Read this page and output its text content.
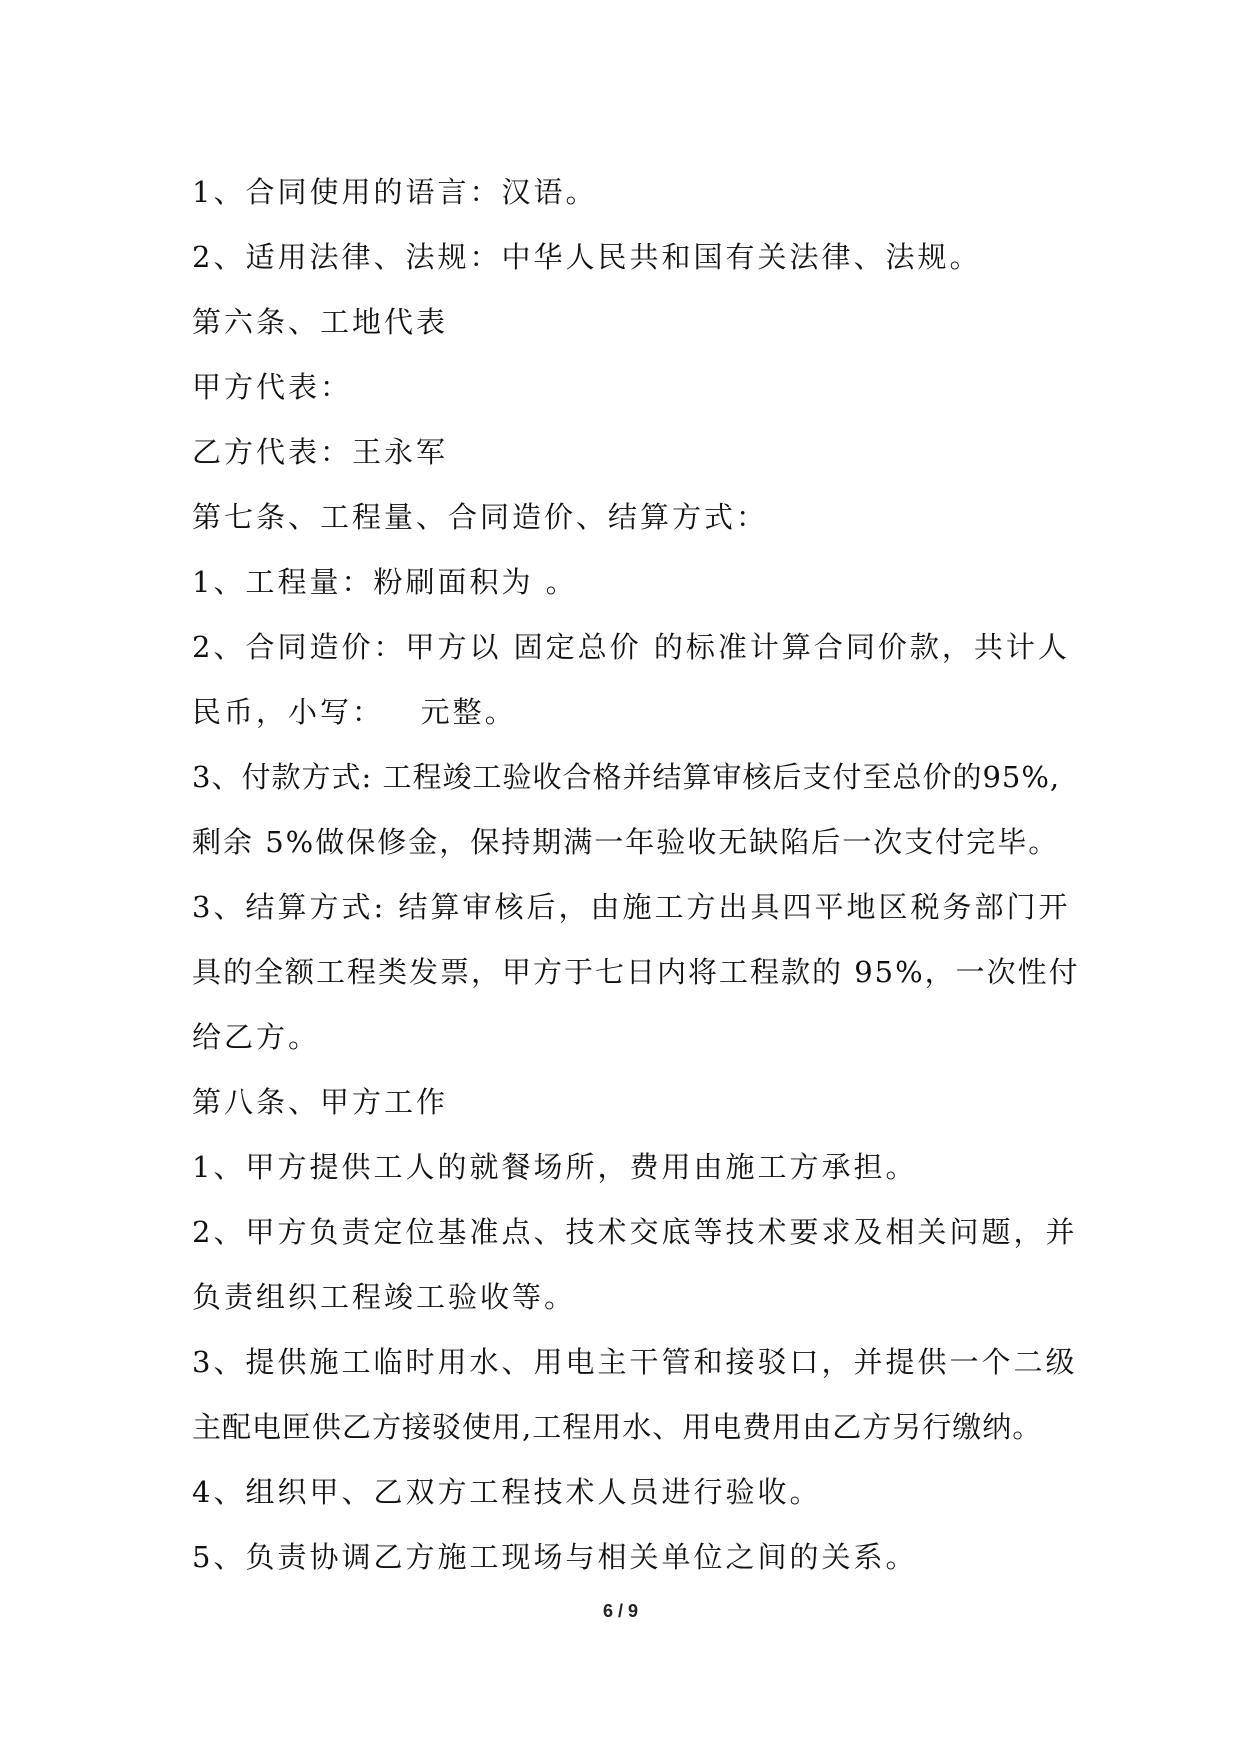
1、合同使用的语言：汉语。
2、适用法律、法规：中华人民共和国有关法律、法规。
第六条、工地代表
甲方代表：
乙方代表：王永军
第七条、工程量、合同造价、结算方式：
1、工程量：粉刷面积为 。
2、合同造价：甲方以 固定总价 的标准计算合同价款，共计人
民币，小写：   元整。
3、付款方式: 工程竣工验收合格并结算审核后支付至总价的95%,
剩余 5%做保修金，保持期满一年验收无缺陷后一次支付完毕。
3、结算方式: 结算审核后，由施工方出具四平地区税务部门开
具的全额工程类发票，甲方于七日内将工程款的 95%，一次性付
给乙方。
第八条、甲方工作
1、甲方提供工人的就餐场所，费用由施工方承担。
2、甲方负责定位基准点、技术交底等技术要求及相关问题，并
负责组织工程竣工验收等。
3、提供施工临时用水、用电主干管和接驳口，并提供一个二级
主配电匣供乙方接驳使用,工程用水、用电费用由乙方另行缴纳。
4、组织甲、乙双方工程技术人员进行验收。
5、负责协调乙方施工现场与相关单位之间的关系。
6 / 9
